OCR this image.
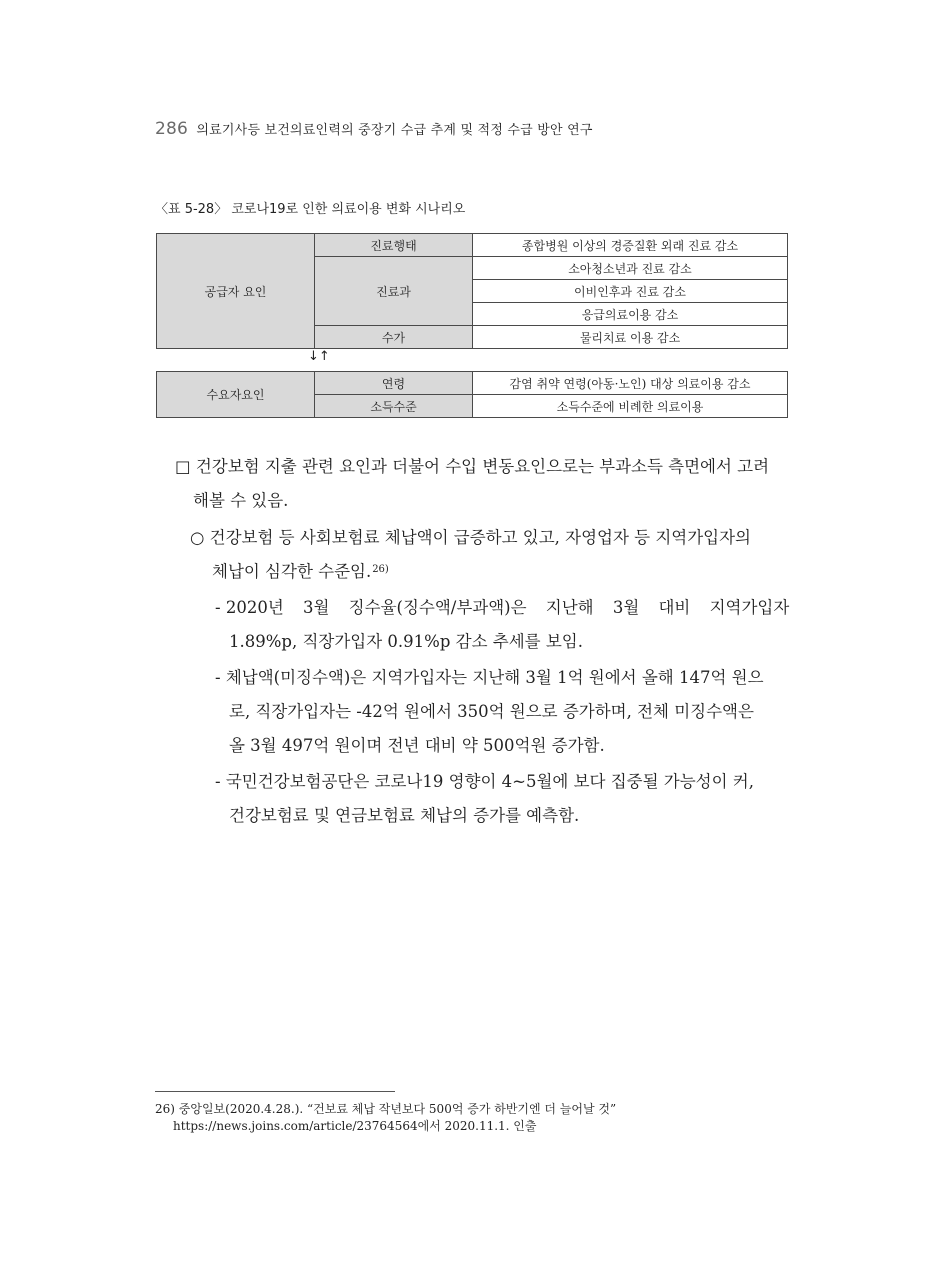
286 의료기사등 보건의료인력의 중장기 수급 추계 및 적정 수급 방안 연구
〈표 5-28〉 코로나19로 인한 의료이용 변화 시나리오
공급자 요인	진료행태	종합병원 이상의 경증질환 외래 진료 감소
	진료과	소아청소년과 진료 감소
		이비인후과 진료 감소
		응급의료이용 감소
	수가	물리치료 이용 감소
↓↑
수요자요인	연령	감염 취약 연령(아동·노인) 대상 의료이용 감소
	소득수준	소득수준에 비례한 의료이용
□ 건강보험 지출 관련 요인과 더불어 수입 변동요인으로는 부과소득 측면에서 고려
해볼 수 있음.
○ 건강보험 등 사회보험료 체납액이 급증하고 있고, 자영업자 등 지역가입자의
체납이 심각한 수준임.$^{26)}$
- 2020년 3월 징수율(징수액/부과액)은 지난해 3월 대비 지역가입자
1.89%p, 직장가입자 0.91%p 감소 추세를 보임.
- 체납액(미징수액)은 지역가입자는 지난해 3월 1억 원에서 올해 147억 원으
로, 직장가입자는 -42억 원에서 350억 원으로 증가하며, 전체 미징수액은
올 3월 497억 원이며 전년 대비 약 500억원 증가함.
- 국민건강보험공단은 코로나19 영향이 4~5월에 보다 집중될 가능성이 커,
건강보험료 및 연금보험료 체납의 증가를 예측함.
26) 중앙일보(2020.4.28.). “건보료 체납 작년보다 500억 증가 하반기엔 더 늘어날 것”
https://news.joins.com/article/23764564에서 2020.11.1. 인출
